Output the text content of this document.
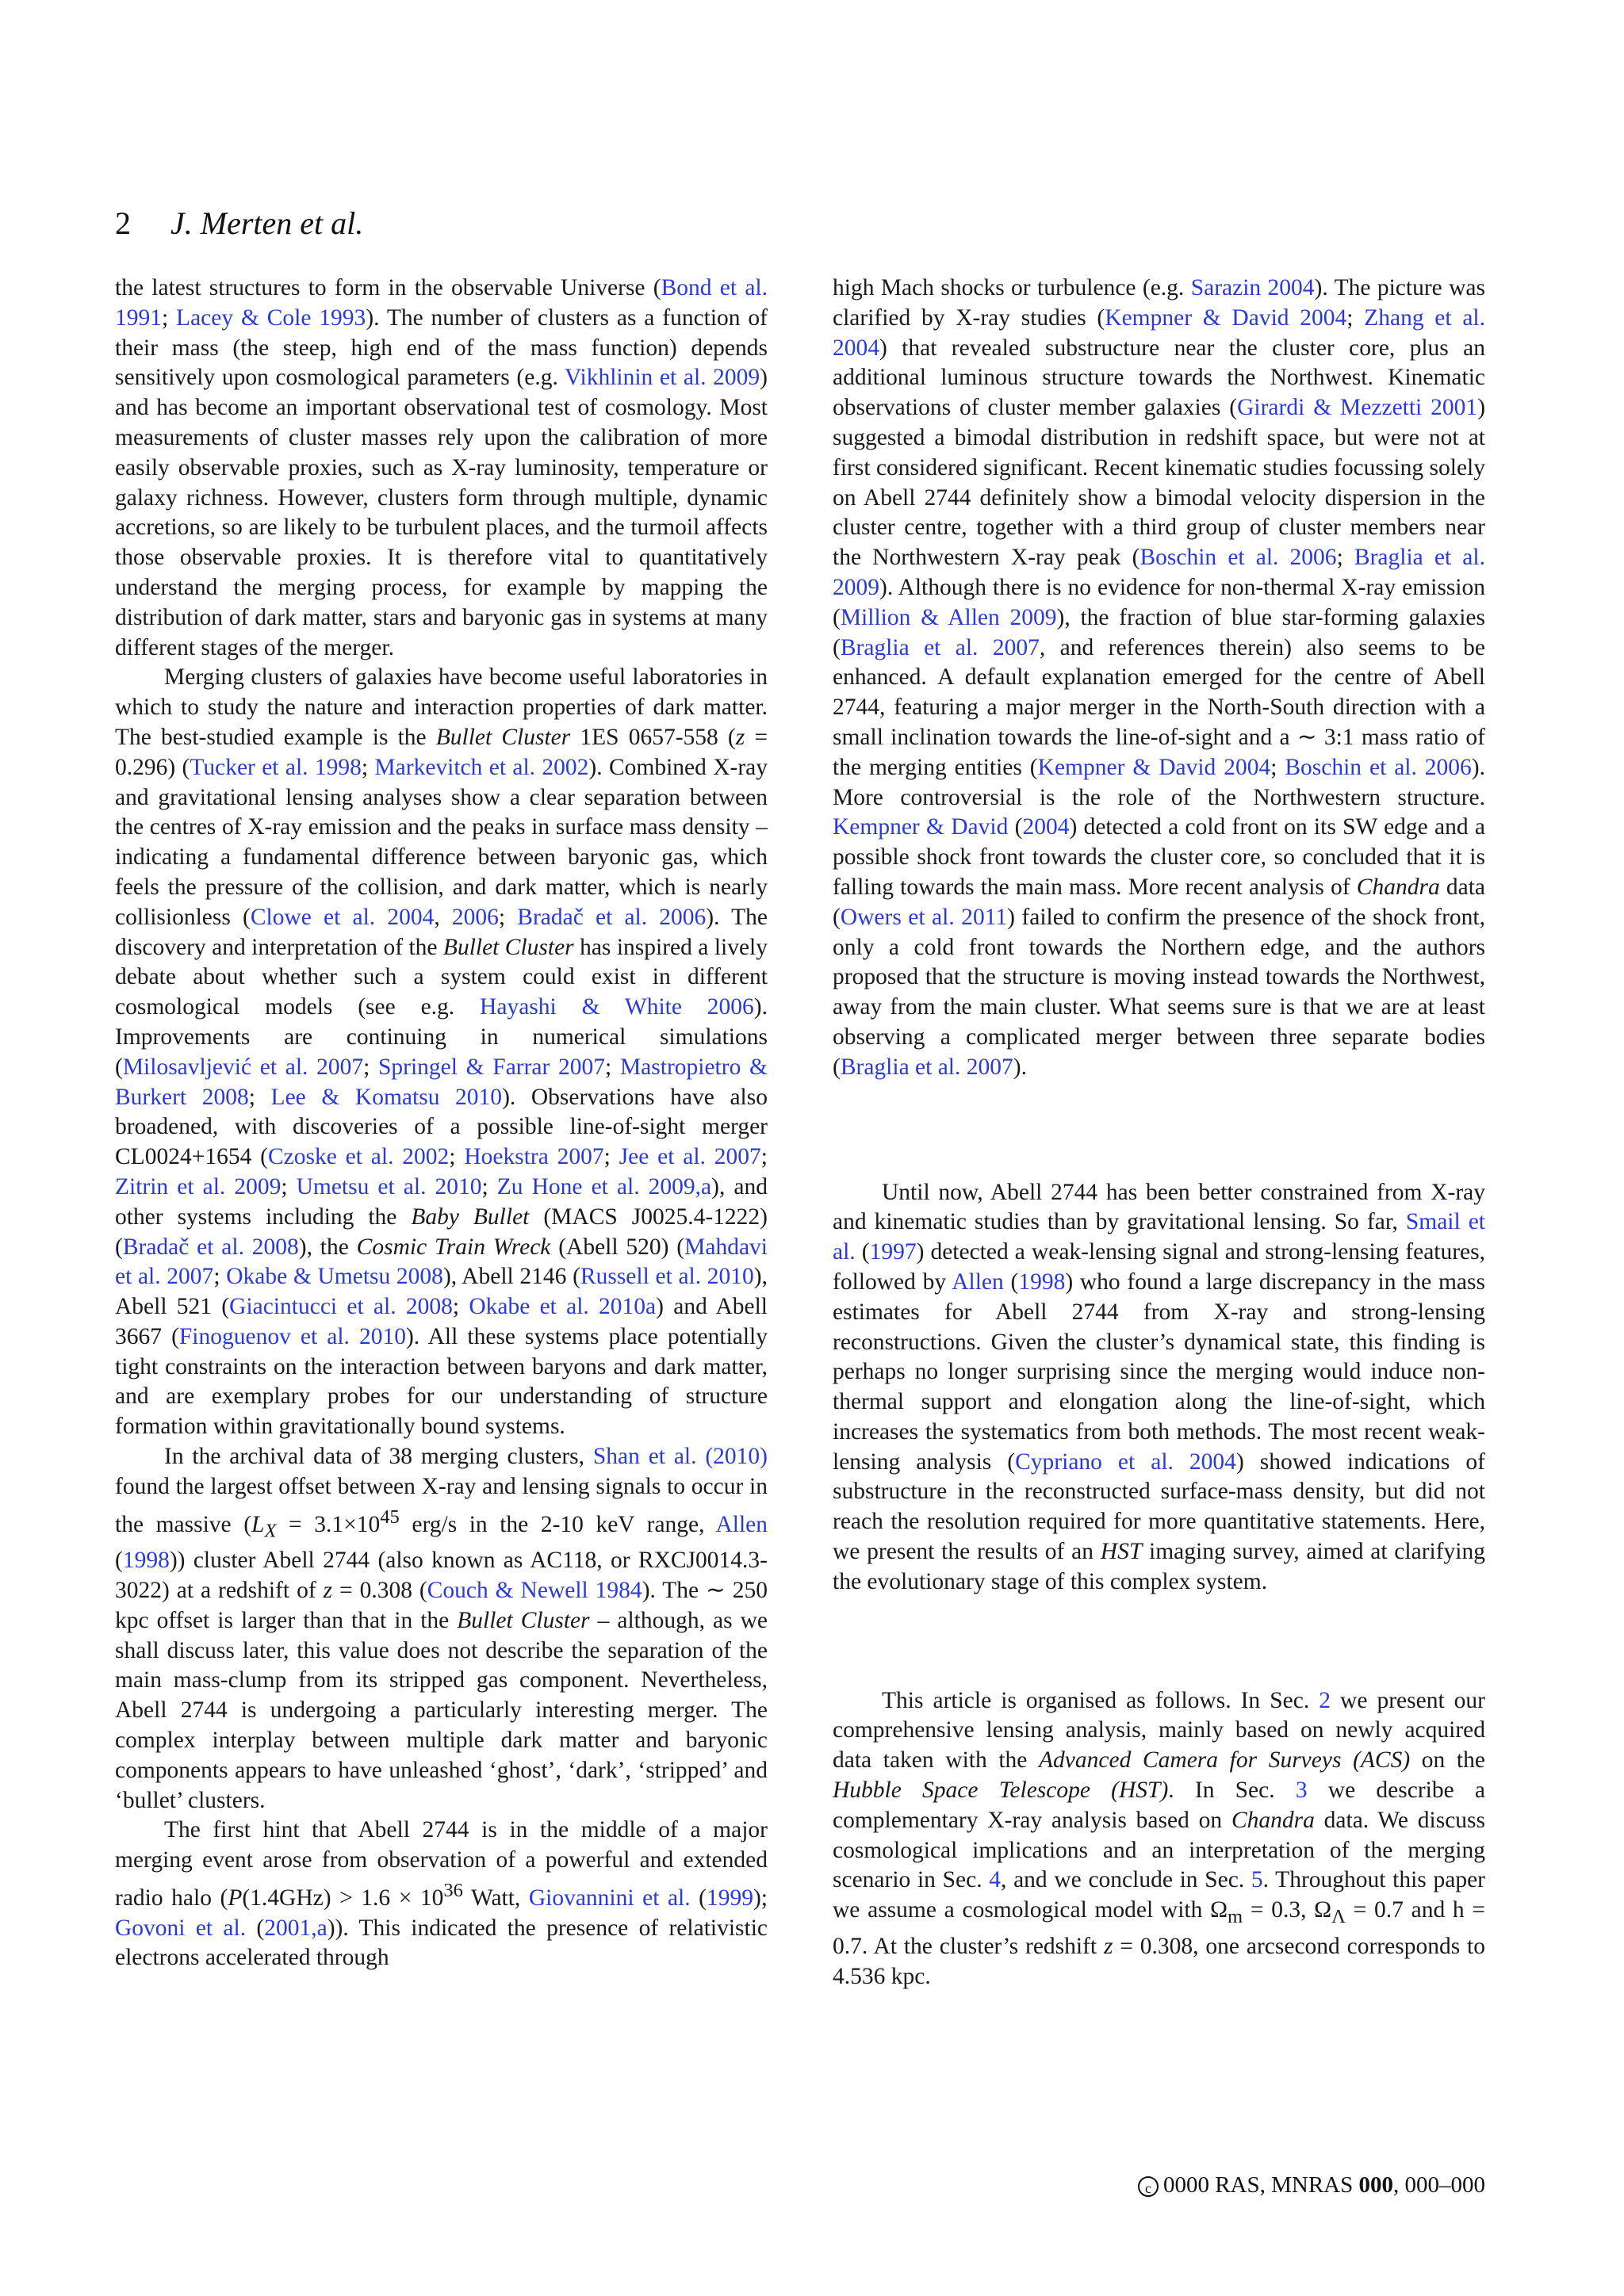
2 J. Merten et al.

the latest structures to form in the observable Universe (Bond et al. 1991; Lacey & Cole 1993). The number of clusters as a function of their mass (the steep, high end of the mass function) depends sensitively upon cosmological parameters (e.g. Vikhlinin et al. 2009) and has become an important observational test of cosmology. Most measurements of cluster masses rely upon the calibration of more easily observable proxies, such as X-ray luminosity, temperature or galaxy richness. However, clusters form through multiple, dynamic accretions, so are likely to be turbulent places, and the turmoil affects those observable proxies. It is therefore vital to quantitatively understand the merging process, for example by mapping the distribution of dark matter, stars and baryonic gas in systems at many different stages of the merger.

Merging clusters of galaxies have become useful laboratories in which to study the nature and interaction properties of dark matter. The best-studied example is the Bullet Cluster 1ES 0657-558 (z = 0.296) (Tucker et al. 1998; Markevitch et al. 2002). Combined X-ray and gravitational lensing analyses show a clear separation between the centres of X-ray emission and the peaks in surface mass density – indicating a fundamental difference between baryonic gas, which feels the pressure of the collision, and dark matter, which is nearly collisionless (Clowe et al. 2004, 2006; Bradač et al. 2006). The discovery and interpretation of the Bullet Cluster has inspired a lively debate about whether such a system could exist in different cosmological models (see e.g. Hayashi & White 2006). Improvements are continuing in numerical simulations (Milosavljević et al. 2007; Springel & Farrar 2007; Mastropietro & Burkert 2008; Lee & Komatsu 2010). Observations have also broadened, with discoveries of a possible line-of-sight merger CL0024+1654 (Czoske et al. 2002; Hoekstra 2007; Jee et al. 2007; Zitrin et al. 2009; Umetsu et al. 2010; Zu Hone et al. 2009,a), and other systems including the Baby Bullet (MACS J0025.4-1222) (Bradač et al. 2008), the Cosmic Train Wreck (Abell 520) (Mahdavi et al. 2007; Okabe & Umetsu 2008), Abell 2146 (Russell et al. 2010), Abell 521 (Giacintucci et al. 2008; Okabe et al. 2010a) and Abell 3667 (Finoguenov et al. 2010). All these systems place potentially tight constraints on the interaction between baryons and dark matter, and are exemplary probes for our understanding of structure formation within gravitationally bound systems.

In the archival data of 38 merging clusters, Shan et al. (2010) found the largest offset between X-ray and lensing signals to occur in the massive ($L_X = 3.1\times 10^{45}$ erg/s in the 2-10 keV range, Allen (1998)) cluster Abell 2744 (also known as AC118, or RXCJ0014.3-3022) at a redshift of z = 0.308 (Couch & Newell 1984). The ∼ 250 kpc offset is larger than that in the Bullet Cluster – although, as we shall discuss later, this value does not describe the separation of the main mass-clump from its stripped gas component. Nevertheless, Abell 2744 is undergoing a particularly interesting merger. The complex interplay between multiple dark matter and baryonic components appears to have unleashed ‘ghost’, ‘dark’, ‘stripped’ and ‘bullet’ clusters.

The first hint that Abell 2744 is in the middle of a major merging event arose from observation of a powerful and extended radio halo ($P(1.4GHz) > 1.6 \times 10^{36}$ Watt, Giovannini et al. (1999); Govoni et al. (2001,a)). This indicated the presence of relativistic electrons accelerated through

high Mach shocks or turbulence (e.g. Sarazin 2004). The picture was clarified by X-ray studies (Kempner & David 2004; Zhang et al. 2004) that revealed substructure near the cluster core, plus an additional luminous structure towards the Northwest. Kinematic observations of cluster member galaxies (Girardi & Mezzetti 2001) suggested a bimodal distribution in redshift space, but were not at first considered significant. Recent kinematic studies focussing solely on Abell 2744 definitely show a bimodal velocity dispersion in the cluster centre, together with a third group of cluster members near the Northwestern X-ray peak (Boschin et al. 2006; Braglia et al. 2009). Although there is no evidence for non-thermal X-ray emission (Million & Allen 2009), the fraction of blue star-forming galaxies (Braglia et al. 2007, and references therein) also seems to be enhanced. A default explanation emerged for the centre of Abell 2744, featuring a major merger in the North-South direction with a small inclination towards the line-of-sight and a ∼ 3:1 mass ratio of the merging entities (Kempner & David 2004; Boschin et al. 2006). More controversial is the role of the Northwestern structure. Kempner & David (2004) detected a cold front on its SW edge and a possible shock front towards the cluster core, so concluded that it is falling towards the main mass. More recent analysis of Chandra data (Owers et al. 2011) failed to confirm the presence of the shock front, only a cold front towards the Northern edge, and the authors proposed that the structure is moving instead towards the Northwest, away from the main cluster. What seems sure is that we are at least observing a complicated merger between three separate bodies (Braglia et al. 2007).

Until now, Abell 2744 has been better constrained from X-ray and kinematic studies than by gravitational lensing. So far, Smail et al. (1997) detected a weak-lensing signal and strong-lensing features, followed by Allen (1998) who found a large discrepancy in the mass estimates for Abell 2744 from X-ray and strong-lensing reconstructions. Given the cluster’s dynamical state, this finding is perhaps no longer surprising since the merging would induce non-thermal support and elongation along the line-of-sight, which increases the systematics from both methods. The most recent weak-lensing analysis (Cypriano et al. 2004) showed indications of substructure in the reconstructed surface-mass density, but did not reach the resolution required for more quantitative statements. Here, we present the results of an HST imaging survey, aimed at clarifying the evolutionary stage of this complex system.

This article is organised as follows. In Sec. 2 we present our comprehensive lensing analysis, mainly based on newly acquired data taken with the Advanced Camera for Surveys (ACS) on the Hubble Space Telescope (HST). In Sec. 3 we describe a complementary X-ray analysis based on Chandra data. We discuss cosmological implications and an interpretation of the merging scenario in Sec. 4, and we conclude in Sec. 5. Throughout this paper we assume a cosmological model with $\Omega_m = 0.3$, $\Omega_\Lambda = 0.7$ and h = 0.7. At the cluster’s redshift z = 0.308, one arcsecond corresponds to 4.536 kpc.

c 0000 RAS, MNRAS 000, 000–000
